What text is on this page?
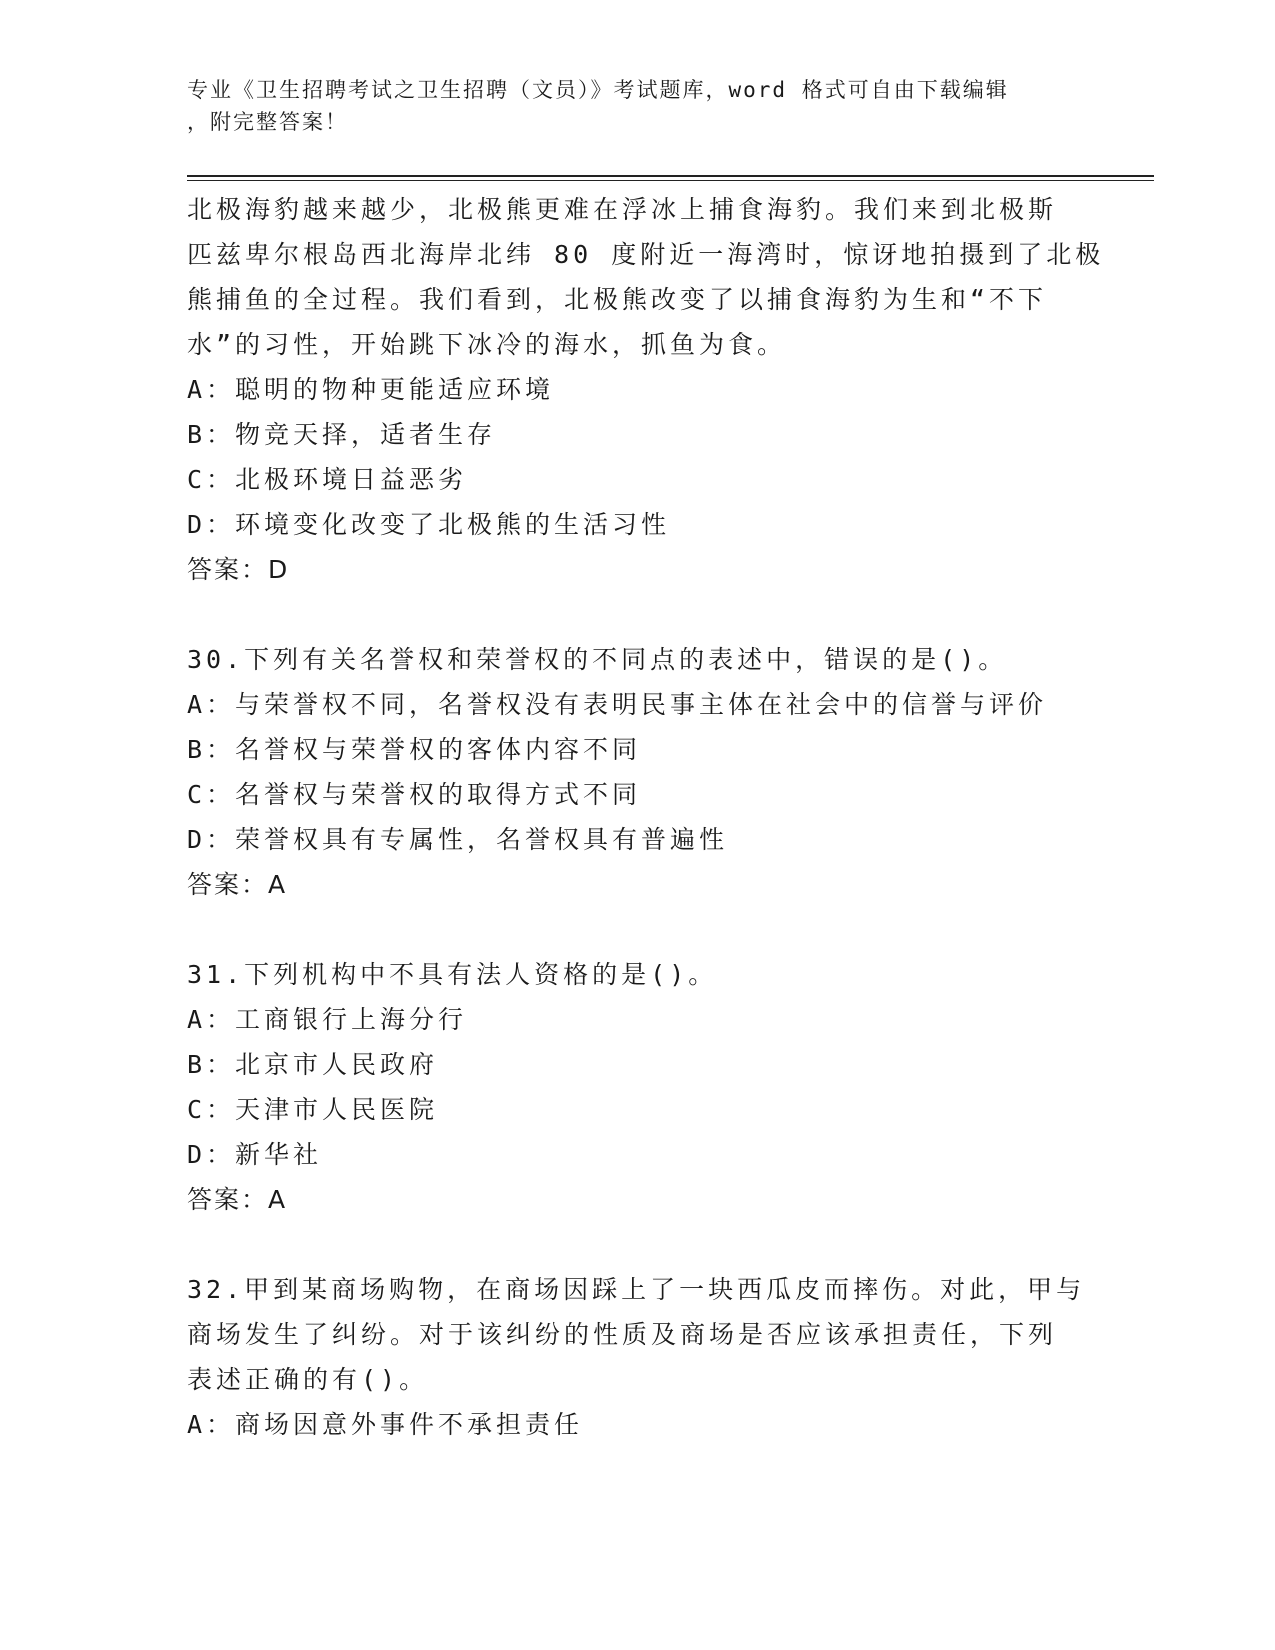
专业《卫生招聘考试之卫生招聘（文员）》考试题库，word 格式可自由下载编辑
，附完整答案！
北极海豹越来越少，北极熊更难在浮冰上捕食海豹。我们来到北极斯
匹兹卑尔根岛西北海岸北纬 80 度附近一海湾时，惊讶地拍摄到了北极
熊捕鱼的全过程。我们看到，北极熊改变了以捕食海豹为生和“不下
水”的习性，开始跳下冰冷的海水，抓鱼为食。
A：聪明的物种更能适应环境
B：物竞天择，适者生存
C：北极环境日益恶劣
D：环境变化改变了北极熊的生活习性
答案：D
30.下列有关名誉权和荣誉权的不同点的表述中，错误的是()。
A：与荣誉权不同，名誉权没有表明民事主体在社会中的信誉与评价
B：名誉权与荣誉权的客体内容不同
C：名誉权与荣誉权的取得方式不同
D：荣誉权具有专属性，名誉权具有普遍性
答案：A
31.下列机构中不具有法人资格的是()。
A：工商银行上海分行
B：北京市人民政府
C：天津市人民医院
D：新华社
答案：A
32.甲到某商场购物，在商场因踩上了一块西瓜皮而摔伤。对此，甲与
商场发生了纠纷。对于该纠纷的性质及商场是否应该承担责任，下列
表述正确的有()。
A：商场因意外事件不承担责任
